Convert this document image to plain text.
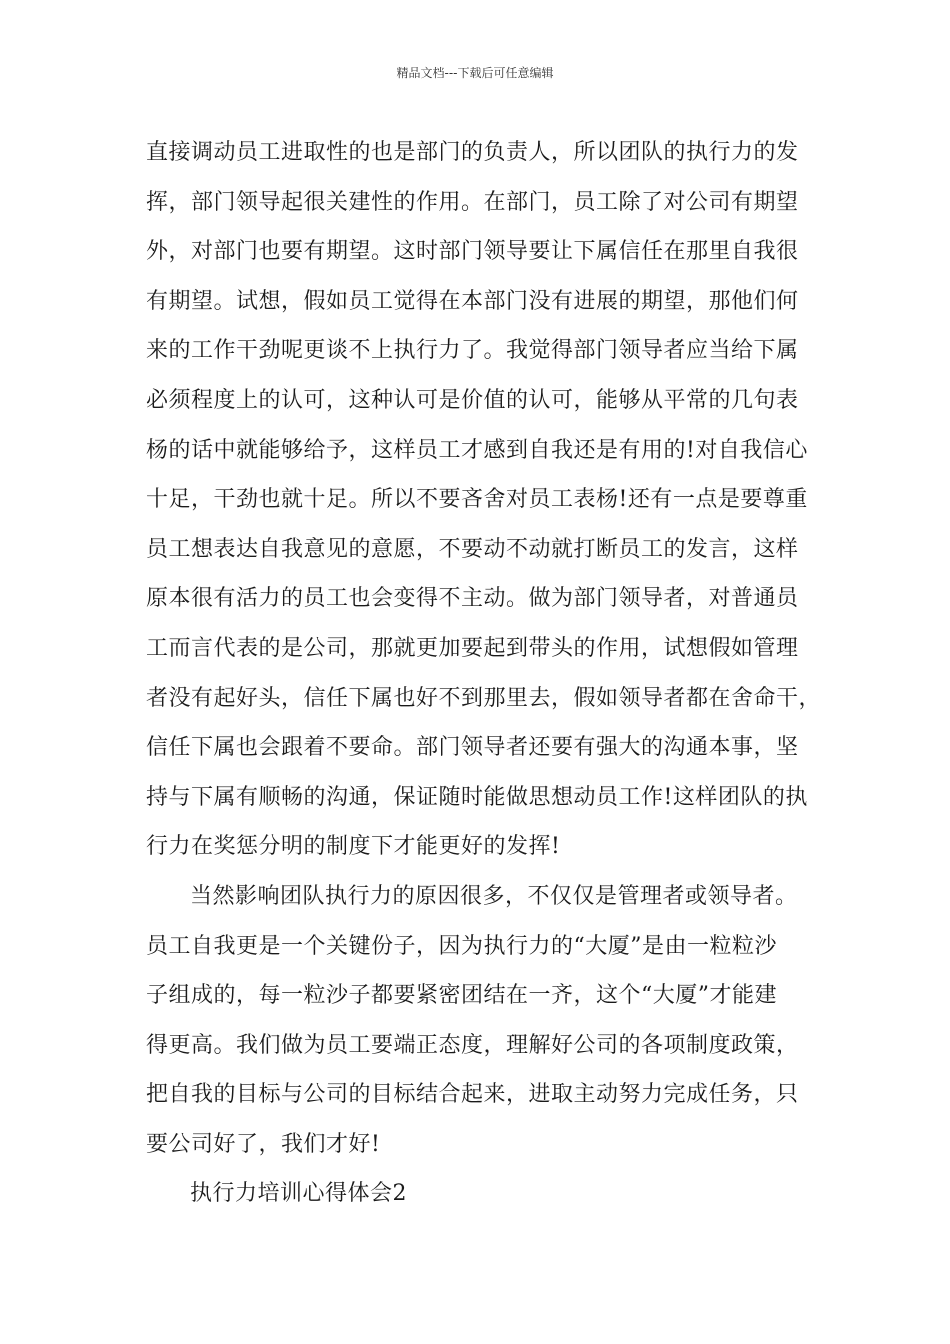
精品文档---下载后可任意编辑
直接调动员工进取性的也是部门的负责人，所以团队的执行力的发
挥，部门领导起很关建性的作用。在部门，员工除了对公司有期望
外，对部门也要有期望。这时部门领导要让下属信任在那里自我很
有期望。试想，假如员工觉得在本部门没有进展的期望，那他们何
来的工作干劲呢更谈不上执行力了。我觉得部门领导者应当给下属
必须程度上的认可，这种认可是价值的认可，能够从平常的几句表
杨的话中就能够给予，这样员工才感到自我还是有用的!对自我信心
十足，干劲也就十足。所以不要吝舍对员工表杨!还有一点是要尊重
员工想表达自我意见的意愿，不要动不动就打断员工的发言，这样
原本很有活力的员工也会变得不主动。做为部门领导者，对普通员
工而言代表的是公司，那就更加要起到带头的作用，试想假如管理
者没有起好头，信任下属也好不到那里去，假如领导者都在舍命干，
信任下属也会跟着不要命。部门领导者还要有强大的沟通本事，坚
持与下属有顺畅的沟通，保证随时能做思想动员工作!这样团队的执
行力在奖惩分明的制度下才能更好的发挥!
当然影响团队执行力的原因很多，不仅仅是管理者或领导者。
员工自我更是一个关键份子，因为执行力的“大厦”是由一粒粒沙
子组成的，每一粒沙子都要紧密团结在一齐，这个“大厦”才能建
得更高。我们做为员工要端正态度，理解好公司的各项制度政策，
把自我的目标与公司的目标结合起来，进取主动努力完成任务，只
要公司好了，我们才好!
执行力培训心得体会2
